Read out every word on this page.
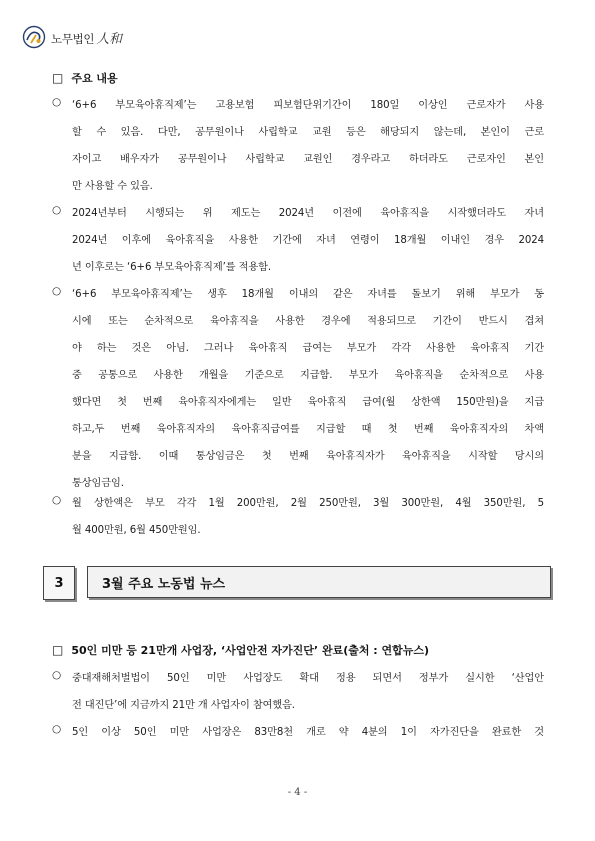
노무법인 人和
□ 주요 내용
○ ‘6+6 부모육아휴직제’는 고용보험 피보험단위기간이 180일 이상인 근로자가 사용
할 수 있음. 다만, 공무원이나 사립학교 교원 등은 해당되지 않는데, 본인이 근로
자이고 배우자가 공무원이나 사립학교 교원인 경우라고 하더라도 근로자인 본인
만 사용할 수 있음.
○ 2024년부터 시행되는 위 제도는 2024년 이전에 육아휴직을 시작했더라도 자녀
2024년 이후에 육아휴직을 사용한 기간에 자녀 연령이 18개월 이내인 경우 2024
년 이후로는 ‘6+6 부모육아휴직제’를 적용함.
○ ‘6+6 부모육아휴직제’는 생후 18개월 이내의 같은 자녀를 돌보기 위해 부모가 동
시에 또는 순차적으로 육아휴직을 사용한 경우에 적용되므로 기간이 반드시 겹쳐
야 하는 것은 아님. 그러나 육아휴직 급여는 부모가 각각 사용한 육아휴직 기간
중 공통으로 사용한 개월을 기준으로 지급함. 부모가 육아휴직을 순차적으로 사용
했다면 첫 번째 육아휴직자에게는 일반 육아휴직 급여(월 상한액 150만원)을 지급
하고,두 번째 육아휴직자의 육아휴직급여를 지급할 때 첫 번째 육아휴직자의 차액
분을 지급함. 이때 통상임금은 첫 번째 육아휴직자가 육아휴직을 시작할 당시의
통상임금임.
○ 월 상한액은 부모 각각 1월 200만원, 2월 250만원, 3월 300만원, 4월 350만원, 5
월 400만원, 6월 450만원임.
3	3월 주요 노동법 뉴스
□ 50인 미만 등 21만개 사업장, ‘사업안전 자가진단’ 완료(출처 : 연합뉴스)
○ 중대재해처벌법이 50인 미만 사업장도 확대 정용 되면서 정부가 실시한 ‘산업안
전 대진단’에 지금까지 21만 개 사업자이 참여했음.
○ 5인 이상 50인 미만 사업장은 83만8천 개로 약 4분의 1이 자가진단을 완료한 것
- 4 -
